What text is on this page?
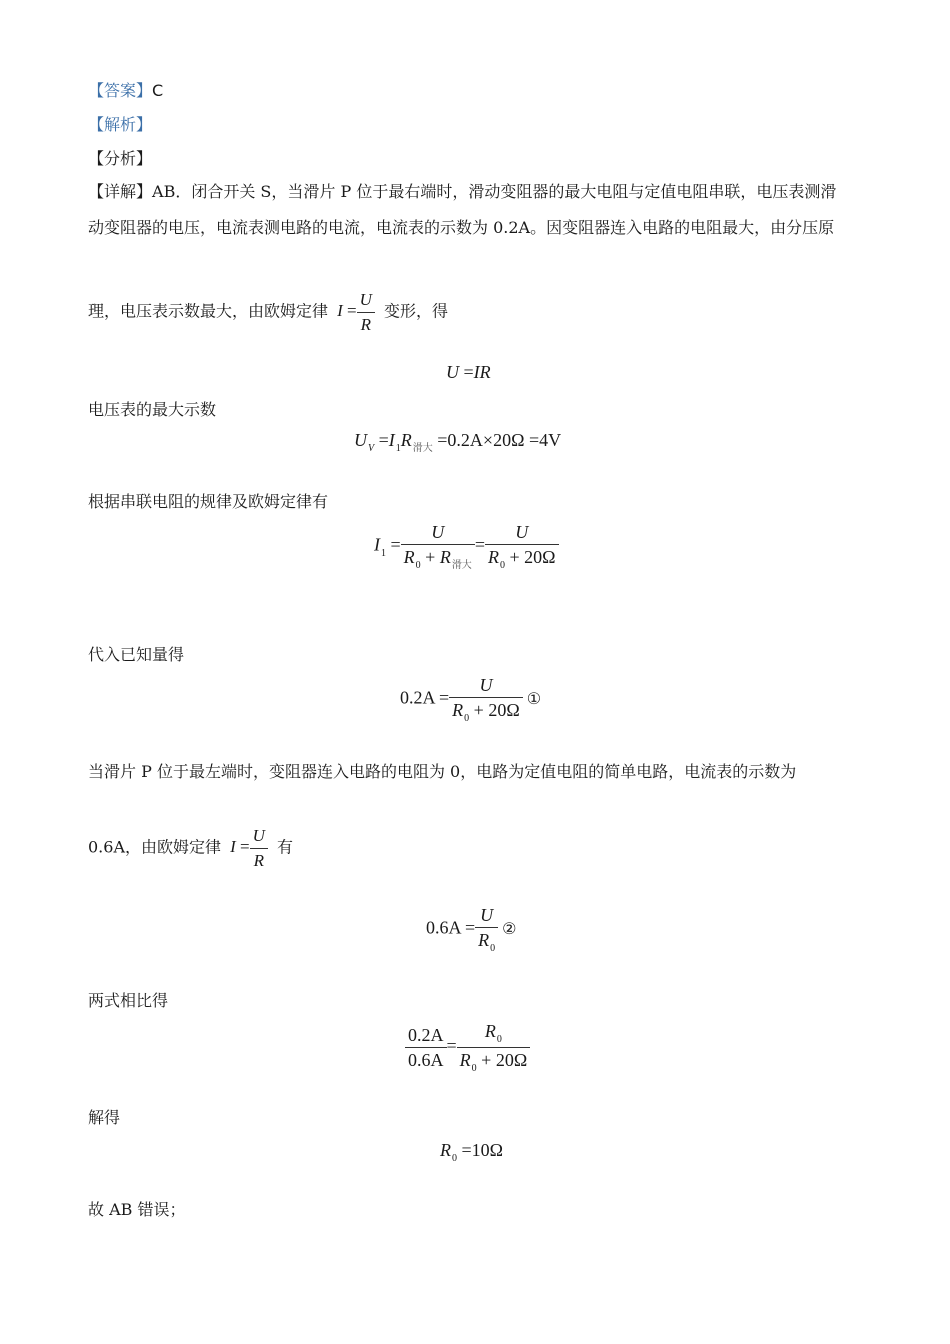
【答案】C
【解析】
【分析】
【详解】AB．闭合开关 S，当滑片 P 位于最右端时，滑动变阻器的最大电阻与定值电阻串联，电压表测滑
动变阻器的电压，电流表测电路的电流，电流表的示数为 0.2A。因变阻器连入电路的电阻最大，由分压原
理，电压表示数最大，由欧姆定律 $I = \frac{U}{R}$ 变形，得
U =IR
电压表的最大示数
$U_V =I_1R_{滑大} =0.2A\times 20\Omega =4V$
根据串联电阻的规律及欧姆定律有
$I_1 = \frac{U}{R_0 + R_{滑大}} = \frac{U}{R_0 + 20\Omega}$
代入已知量得
$0.2A = \frac{U}{R_0 + 20\Omega}$ ①
当滑片 P 位于最左端时，变阻器连入电路的电阻为 0，电路为定值电阻的简单电路，电流表的示数为
0.6A，由欧姆定律 $I = \frac{U}{R}$ 有
$0.6A = \frac{U}{R_0}$ ②
两式相比得
$\frac{0.2A}{0.6A} = \frac{R_0}{R_0 + 20\Omega}$
解得
$R_0 =10\Omega$
故 AB 错误；
